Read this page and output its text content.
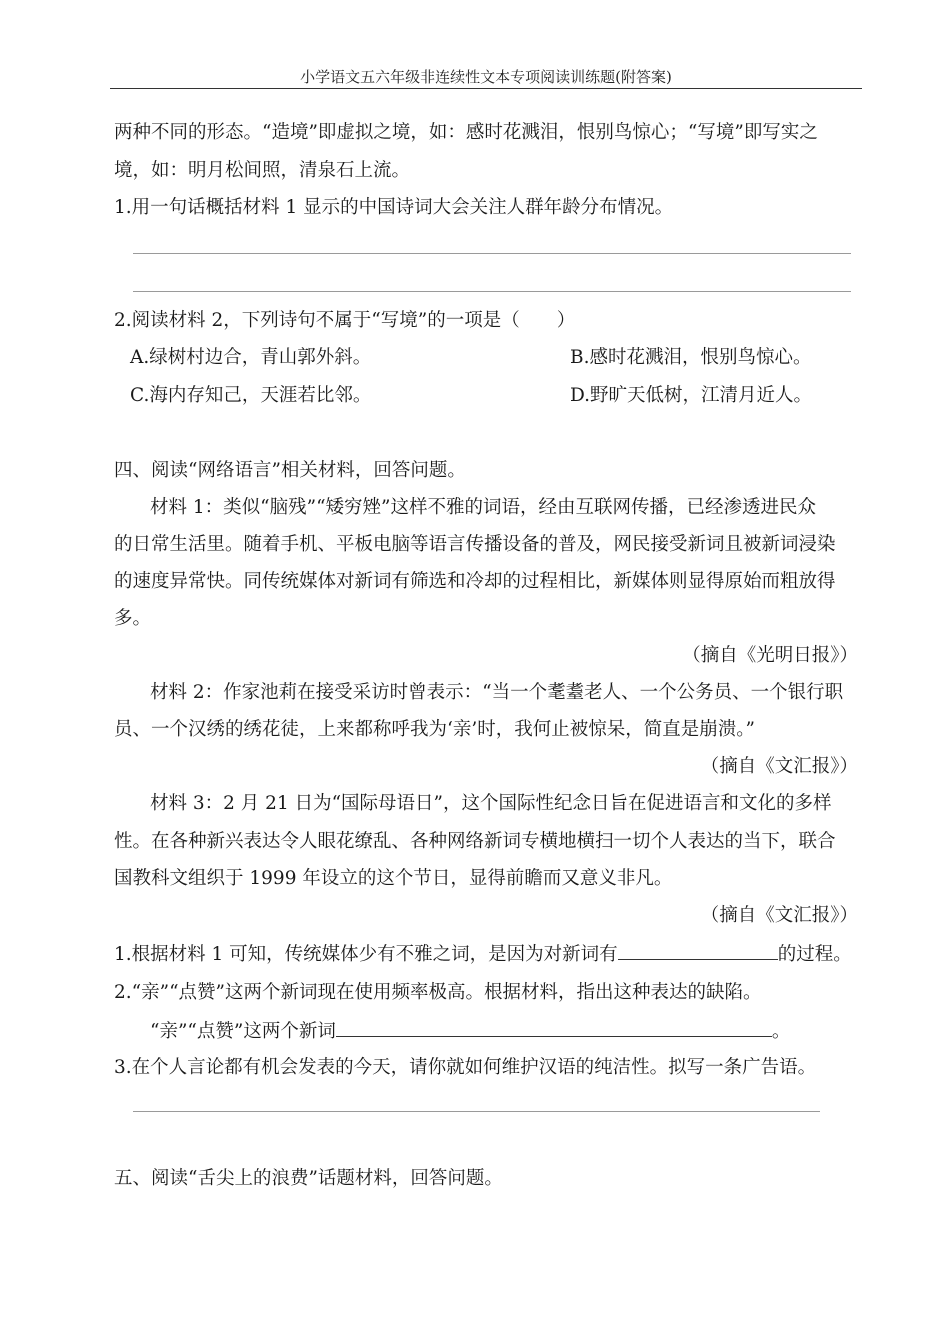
小学语文五六年级非连续性文本专项阅读训练题(附答案)
两种不同的形态。“造境”即虚拟之境，如：感时花溅泪，恨别鸟惊心；“写境”即写实之
境，如：明月松间照，清泉石上流。
1.用一句话概括材料 1 显示的中国诗词大会关注人群年龄分布情况。
2.阅读材料 2，下列诗句不属于“写境”的一项是（　　）
A.绿树村边合，青山郭外斜。	B.感时花溅泪，恨别鸟惊心。
C.海内存知己，天涯若比邻。	D.野旷天低树，江清月近人。
四、阅读“网络语言”相关材料，回答问题。
材料 1：类似“脑残”“矮穷矬”这样不雅的词语，经由互联网传播，已经渗透进民众
的日常生活里。随着手机、平板电脑等语言传播设备的普及，网民接受新词且被新词浸染
的速度异常快。同传统媒体对新词有筛选和冷却的过程相比，新媒体则显得原始而粗放得
多。
（摘自《光明日报》）
材料 2：作家池莉在接受采访时曾表示：“当一个耄耋老人、一个公务员、一个银行职
员、一个汉绣的绣花徒，上来都称呼我为‘亲’时，我何止被惊呆，简直是崩溃。”
（摘自《文汇报》）
材料 3：2 月 21 日为“国际母语日”，这个国际性纪念日旨在促进语言和文化的多样
性。在各种新兴表达令人眼花缭乱、各种网络新词专横地横扫一切个人表达的当下，联合
国教科文组织于 1999 年设立的这个节日，显得前瞻而又意义非凡。
（摘自《文汇报》）
1.根据材料 1 可知，传统媒体少有不雅之词，是因为对新词有	的过程。
2.“亲”“点赞”这两个新词现在使用频率极高。根据材料，指出这种表达的缺陷。
“亲”“点赞”这两个新词	。
3.在个人言论都有机会发表的今天，请你就如何维护汉语的纯洁性。拟写一条广告语。
五、阅读“舌尖上的浪费”话题材料，回答问题。
